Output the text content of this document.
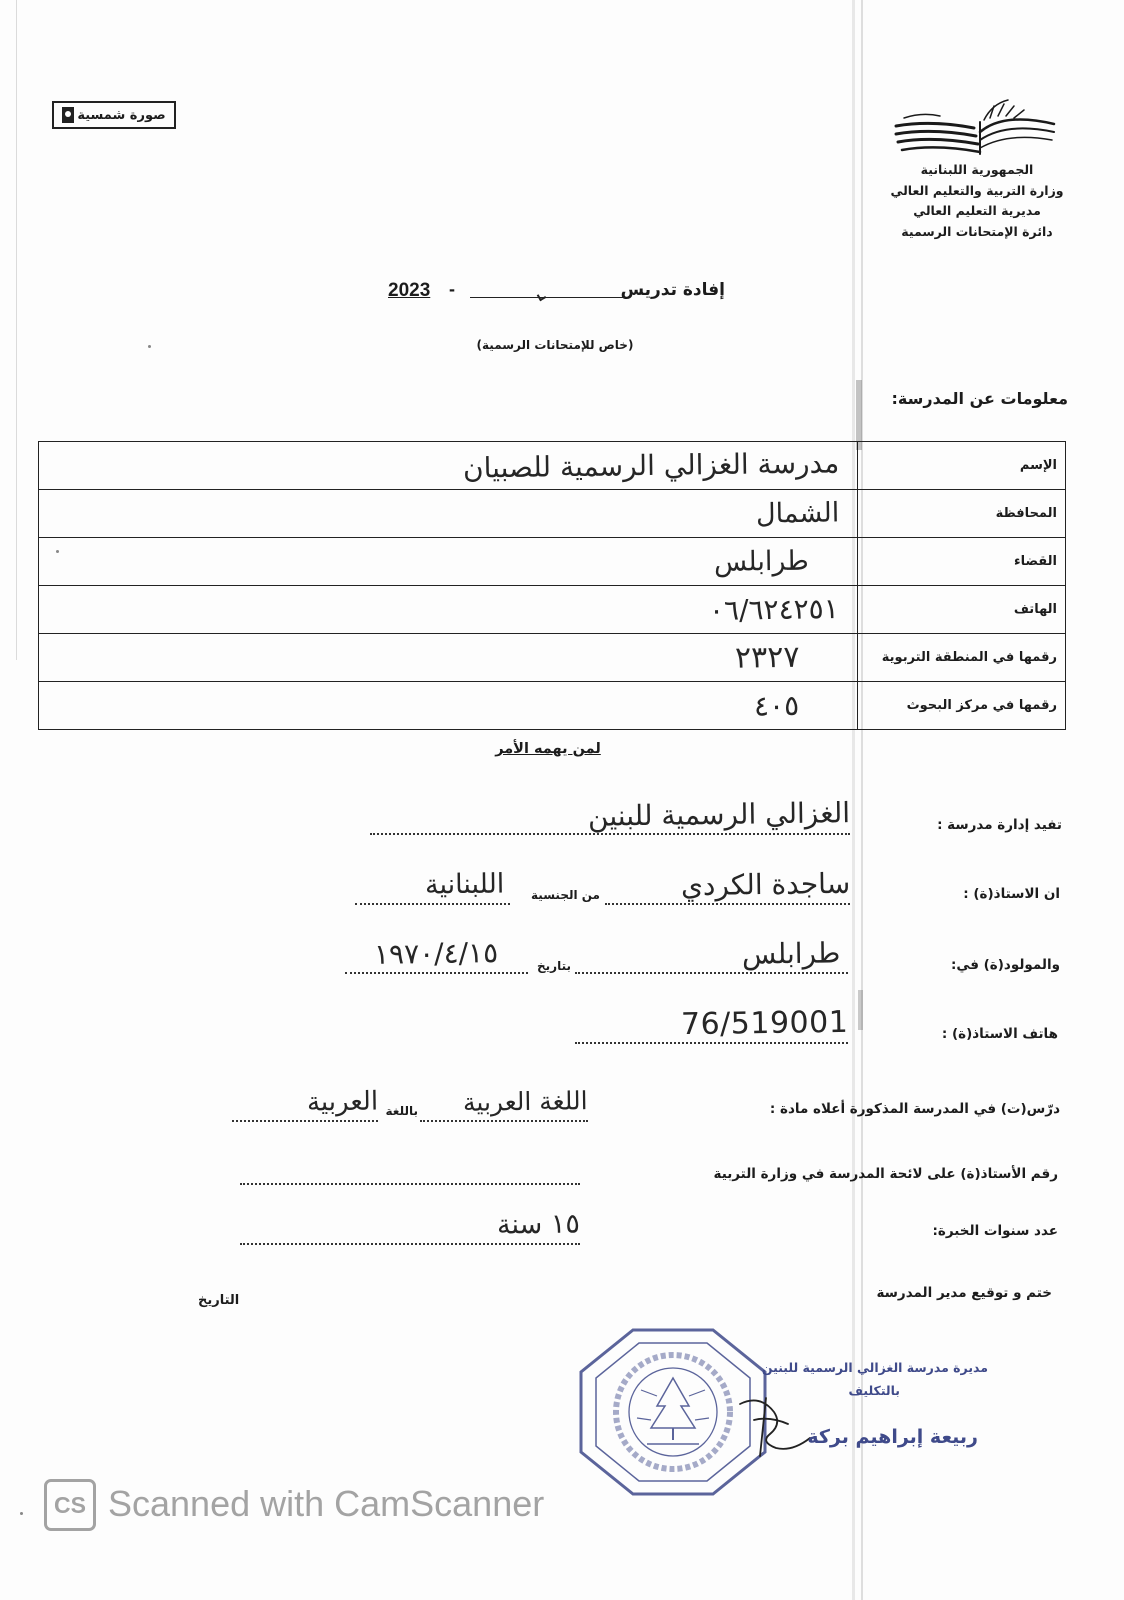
صورة شمسية
الجمهورية اللبنانية
وزارة التربية والتعليم العالي
مديرية التعليم العالي
دائرة الإمتحانات الرسمية
إفادة تدريس
-
2023
(خاص للإمتحانات الرسمية)
معلومات عن المدرسة:
الإسم	مدرسة الغزالي الرسمية للصبيان
المحافظة	الشمال
القضاء	طرابلس
الهاتف	٠٦/٦٢٤٢٥١
رقمها في المنطقة التربوية	٢٣٢٧
رقمها في مركز البحوث	٤٠٥
لمن يهمه الأمر
تفيد إدارة مدرسة :
الغزالي الرسمية للبنين
ان الاستاذ(ة) :
ساجدة الكردي
من الجنسية
اللبنانية
والمولود(ة) في:
طرابلس
بتاريخ
١٩٧٠/٤/١٥
هاتف الاستاذ(ة) :
76/519001
درّس(ت) في المدرسة المذكورة أعلاه مادة :
اللغة العربية
باللغة
العربية
رقم الأستاذ(ة) على لائحة المدرسة في وزارة التربية
عدد سنوات الخبرة:
١٥ سنة
ختم و توقيع مدير المدرسة
التاريخ
مديرة مدرسة الغزالي الرسمية للبنين
بالتكليف
ربيعة إبراهيم بركة
CS Scanned with CamScanner
